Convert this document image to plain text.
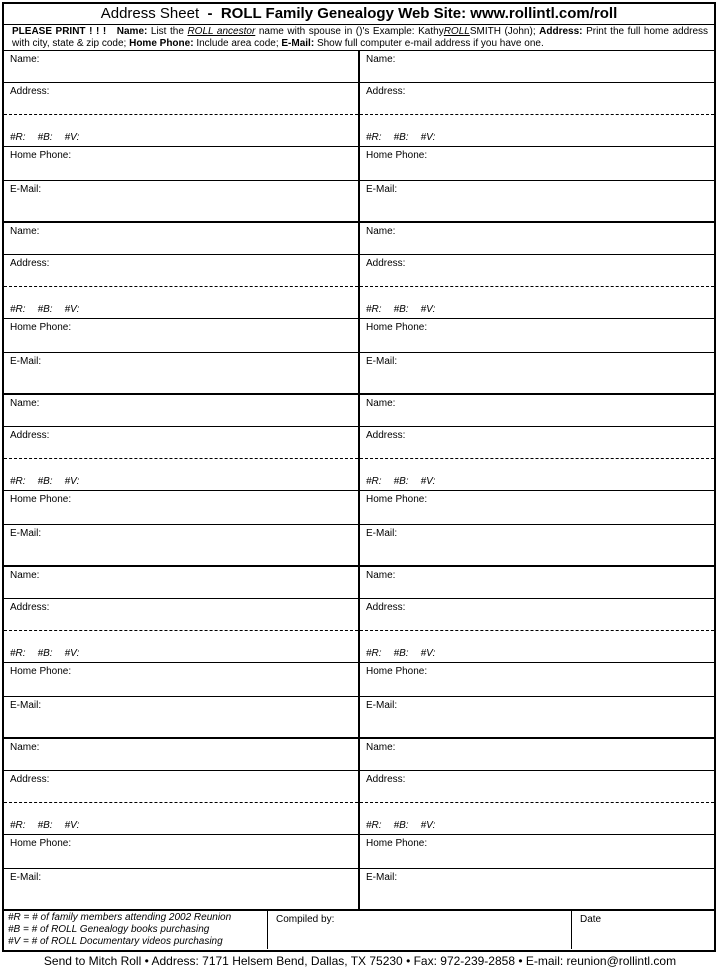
Address Sheet - ROLL Family Genealogy Web Site: www.rollintl.com/roll
PLEASE PRINT ! ! ! Name: List the ROLL ancestor name with spouse in ()'s Example: KathyROLLSMITH (John); Address: Print the full home address with city, state & zip code; Home Phone: Include area code; E-Mail: Show full computer e-mail address if you have one.
Name:
Address:
#R: #B: #V:
Home Phone:
E-Mail:
Name:
Address:
#R: #B: #V:
Home Phone:
E-Mail:
Name:
Address:
#R: #B: #V:
Home Phone:
E-Mail:
Name:
Address:
#R: #B: #V:
Home Phone:
E-Mail:
Name:
Address:
#R: #B: #V:
Home Phone:
E-Mail:
Name:
Address:
#R: #B: #V:
Home Phone:
E-Mail:
Name:
Address:
#R: #B: #V:
Home Phone:
E-Mail:
Name:
Address:
#R: #B: #V:
Home Phone:
E-Mail:
Name:
Address:
#R: #B: #V:
Home Phone:
E-Mail:
Name:
Address:
#R: #B: #V:
Home Phone:
E-Mail:
#R = # of family members attending 2002 Reunion
#B = # of ROLL Genealogy books purchasing
#V = # of ROLL Documentary videos purchasing
Compiled by:	Date
Send to Mitch Roll • Address: 7171 Helsem Bend, Dallas, TX 75230 • Fax: 972-239-2858 • E-mail: reunion@rollintl.com
